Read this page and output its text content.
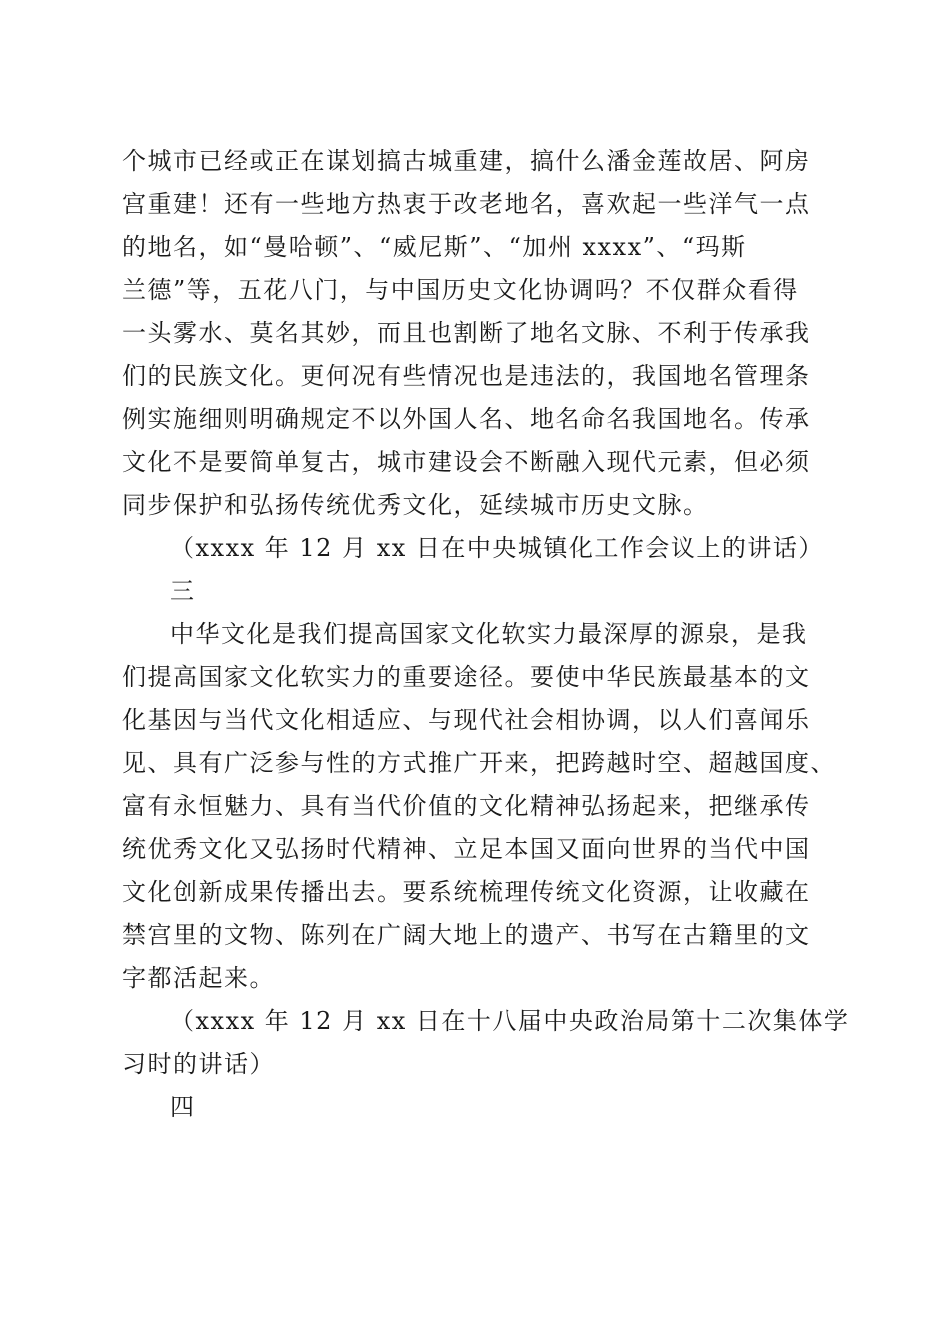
个城市已经或正在谋划搞古城重建，搞什么潘金莲故居、阿房
宫重建！还有一些地方热衷于改老地名，喜欢起一些洋气一点
的地名，如“曼哈顿”、“威尼斯”、“加州 xxxx”、“玛斯
兰德”等，五花八门，与中国历史文化协调吗？不仅群众看得
一头雾水、莫名其妙，而且也割断了地名文脉、不利于传承我
们的民族文化。更何况有些情况也是违法的，我国地名管理条
例实施细则明确规定不以外国人名、地名命名我国地名。传承
文化不是要简单复古，城市建设会不断融入现代元素，但必须
同步保护和弘扬传统优秀文化，延续城市历史文脉。
（xxxx 年 12 月 xx 日在中央城镇化工作会议上的讲话）
三
中华文化是我们提高国家文化软实力最深厚的源泉，是我
们提高国家文化软实力的重要途径。要使中华民族最基本的文
化基因与当代文化相适应、与现代社会相协调，以人们喜闻乐
见、具有广泛参与性的方式推广开来，把跨越时空、超越国度、
富有永恒魅力、具有当代价值的文化精神弘扬起来，把继承传
统优秀文化又弘扬时代精神、立足本国又面向世界的当代中国
文化创新成果传播出去。要系统梳理传统文化资源，让收藏在
禁宫里的文物、陈列在广阔大地上的遗产、书写在古籍里的文
字都活起来。
（xxxx 年 12 月 xx 日在十八届中央政治局第十二次集体学
习时的讲话）
四
